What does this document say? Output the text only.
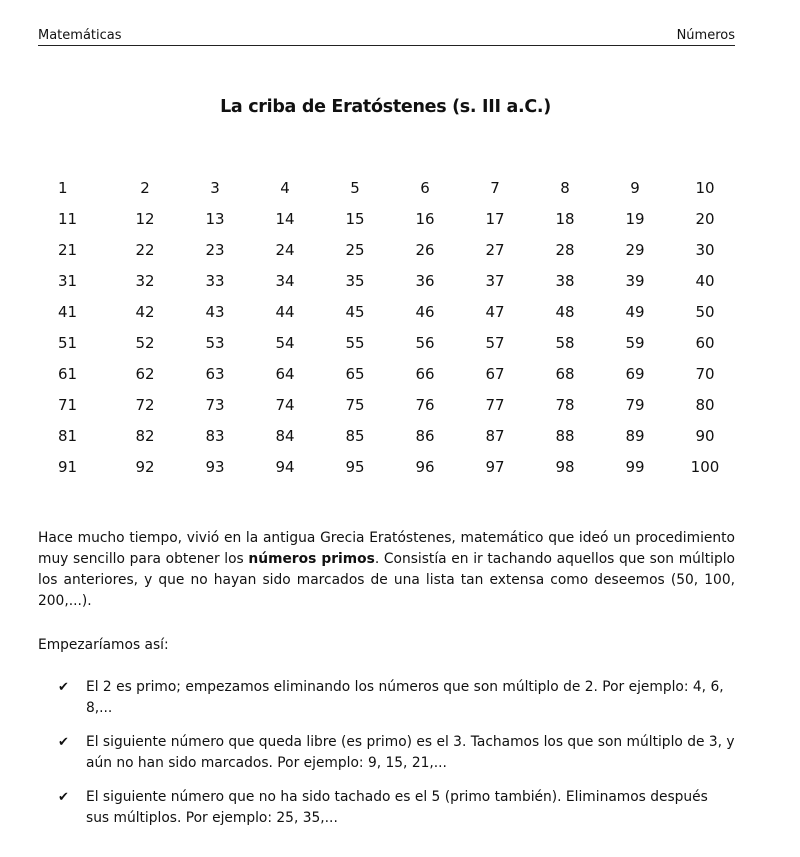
Matemáticas	Números
La criba de Eratóstenes (s. III a.C.)
1	2	3	4	5	6	7	8	9	10
11	12	13	14	15	16	17	18	19	20
21	22	23	24	25	26	27	28	29	30
31	32	33	34	35	36	37	38	39	40
41	42	43	44	45	46	47	48	49	50
51	52	53	54	55	56	57	58	59	60
61	62	63	64	65	66	67	68	69	70
71	72	73	74	75	76	77	78	79	80
81	82	83	84	85	86	87	88	89	90
91	92	93	94	95	96	97	98	99	100
Hace mucho tiempo, vivió en la antigua Grecia Eratóstenes, matemático que ideó un procedimiento muy sencillo para obtener los números primos. Consistía en ir tachando aquellos que son múltiplo los anteriores, y que no hayan sido marcados de una lista tan extensa como deseemos (50, 100, 200,...).
Empezaríamos así:
✔	El 2 es primo; empezamos eliminando los números que son múltiplo de 2. Por ejemplo: 4, 6, 8,...
✔	El siguiente número que queda libre (es primo) es el 3. Tachamos los que son múltiplo de 3, y aún no han sido marcados. Por ejemplo: 9, 15, 21,...
✔	El siguiente número que no ha sido tachado es el 5 (primo también). Eliminamos después sus múltiplos. Por ejemplo: 25, 35,...
